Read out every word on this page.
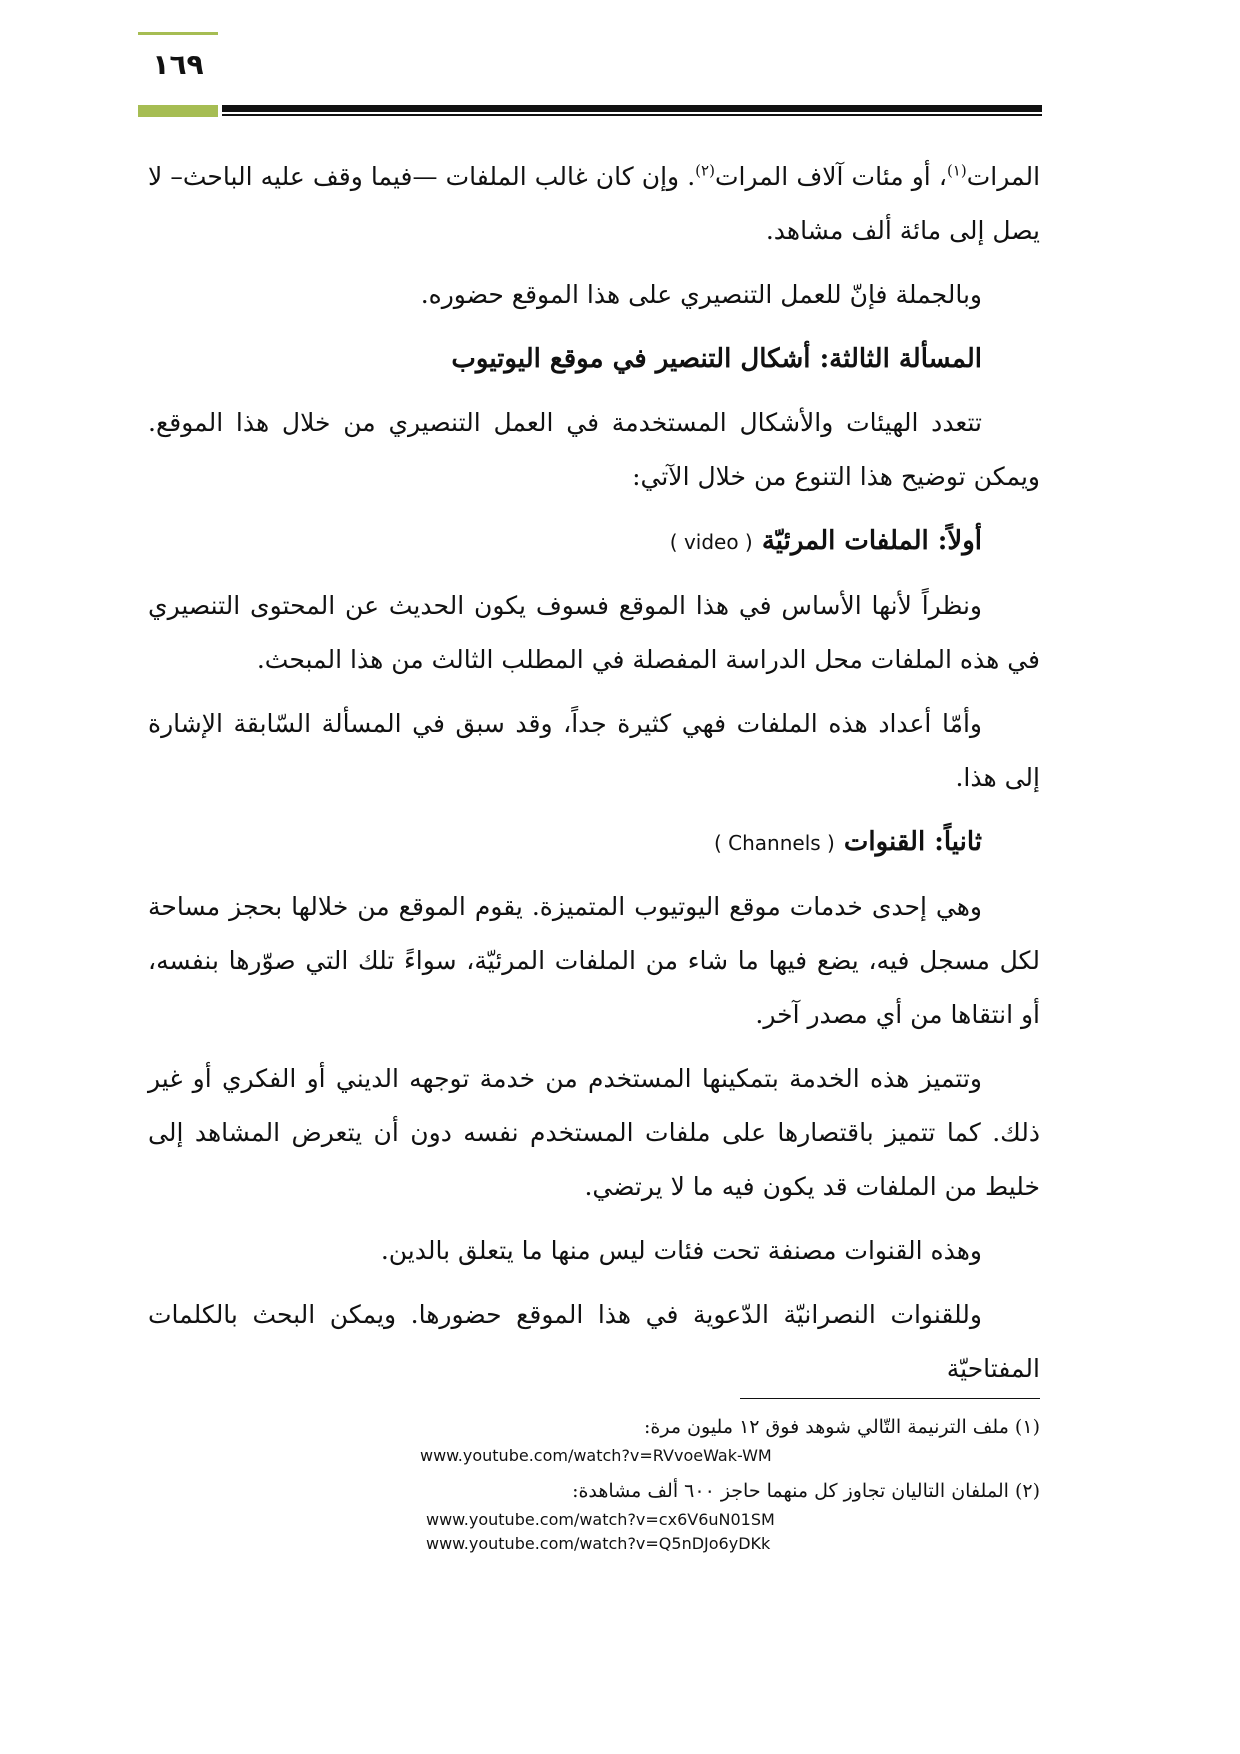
١٦٩

المرات$^{(١)}$، أو مئات آلاف المرات$^{(٢)}$. وإن كان غالب الملفات —فيما وقف عليه الباحث– لا يصل إلى مائة ألف مشاهد.

وبالجملة فإنّ للعمل التنصيري على هذا الموقع حضوره.

المسألة الثالثة: أشكال التنصير في موقع اليوتيوب

تتعدد الهيئات والأشكال المستخدمة في العمل التنصيري من خلال هذا الموقع. ويمكن توضيح هذا التنوع من خلال الآتي:

أولاً: الملفات المرئيّة ( video )

ونظراً لأنها الأساس في هذا الموقع فسوف يكون الحديث عن المحتوى التنصيري في هذه الملفات محل الدراسة المفصلة في المطلب الثالث من هذا المبحث.

وأمّا أعداد هذه الملفات فهي كثيرة جداً، وقد سبق في المسألة السّابقة الإشارة إلى هذا.

ثانياً: القنوات ( Channels )

وهي إحدى خدمات موقع اليوتيوب المتميزة. يقوم الموقع من خلالها بحجز مساحة لكل مسجل فيه، يضع فيها ما شاء من الملفات المرئيّة، سواءً تلك التي صوّرها بنفسه، أو انتقاها من أي مصدر آخر.

وتتميز هذه الخدمة بتمكينها المستخدم من خدمة توجهه الديني أو الفكري أو غير ذلك. كما تتميز باقتصارها على ملفات المستخدم نفسه دون أن يتعرض المشاهد إلى خليط من الملفات قد يكون فيه ما لا يرتضي.

وهذه القنوات مصنفة تحت فئات ليس منها ما يتعلق بالدين.

وللقنوات النصرانيّة الدّعوية في هذا الموقع حضورها. ويمكن البحث بالكلمات المفتاحيّة

(١) ملف الترنيمة التّالي شوهد فوق ١٢ مليون مرة:

www.youtube.com/watch?v=RVvoeWak-WM

(٢) الملفان التاليان تجاوز كل منهما حاجز ٦٠٠ ألف مشاهدة:

www.youtube.com/watch?v=cx6V6uN01SM

www.youtube.com/watch?v=Q5nDJo6yDKk
